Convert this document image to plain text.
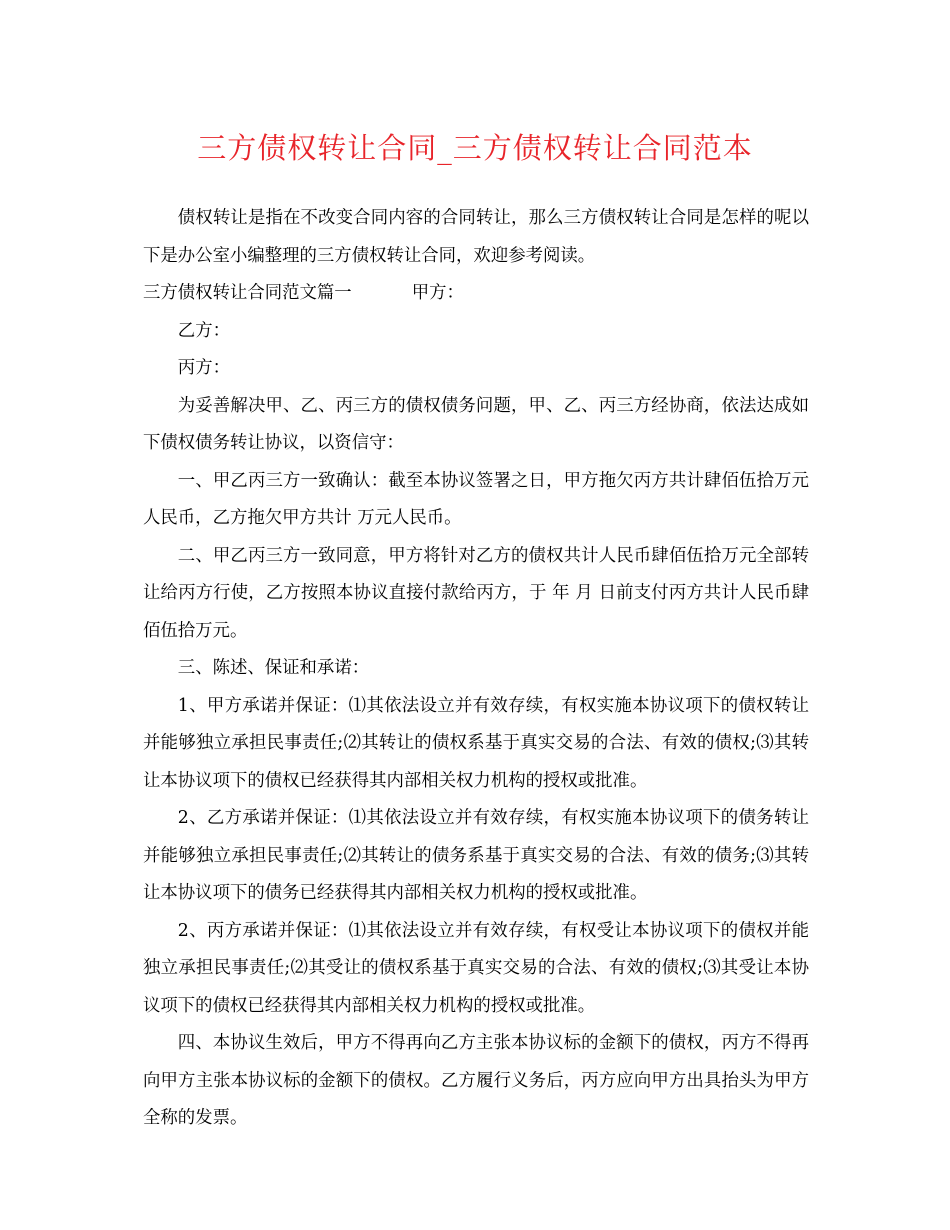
三方债权转让合同_三方债权转让合同范本

债权转让是指在不改变合同内容的合同转让，那么三方债权转让合同是怎样的呢以下是办公室小编整理的三方债权转让合同，欢迎参考阅读。

三方债权转让合同范文篇一	甲方：

乙方：

丙方：

为妥善解决甲、乙、丙三方的债权债务问题，甲、乙、丙三方经协商，依法达成如下债权债务转让协议，以资信守：

一、甲乙丙三方一致确认：截至本协议签署之日，甲方拖欠丙方共计肆佰伍拾万元人民币，乙方拖欠甲方共计 万元人民币。

二、甲乙丙三方一致同意，甲方将针对乙方的债权共计人民币肆佰伍拾万元全部转让给丙方行使，乙方按照本协议直接付款给丙方，于 年 月 日前支付丙方共计人民币肆佰伍拾万元。

三、陈述、保证和承诺：

1、甲方承诺并保证：⑴其依法设立并有效存续，有权实施本协议项下的债权转让并能够独立承担民事责任;⑵其转让的债权系基于真实交易的合法、有效的债权;⑶其转让本协议项下的债权已经获得其内部相关权力机构的授权或批准。

2、乙方承诺并保证：⑴其依法设立并有效存续，有权实施本协议项下的债务转让并能够独立承担民事责任;⑵其转让的债务系基于真实交易的合法、有效的债务;⑶其转让本协议项下的债务已经获得其内部相关权力机构的授权或批准。

2、丙方承诺并保证：⑴其依法设立并有效存续，有权受让本协议项下的债权并能独立承担民事责任;⑵其受让的债权系基于真实交易的合法、有效的债权;⑶其受让本协议项下的债权已经获得其内部相关权力机构的授权或批准。

四、本协议生效后，甲方不得再向乙方主张本协议标的金额下的债权，丙方不得再向甲方主张本协议标的金额下的债权。乙方履行义务后，丙方应向甲方出具抬头为甲方全称的发票。
